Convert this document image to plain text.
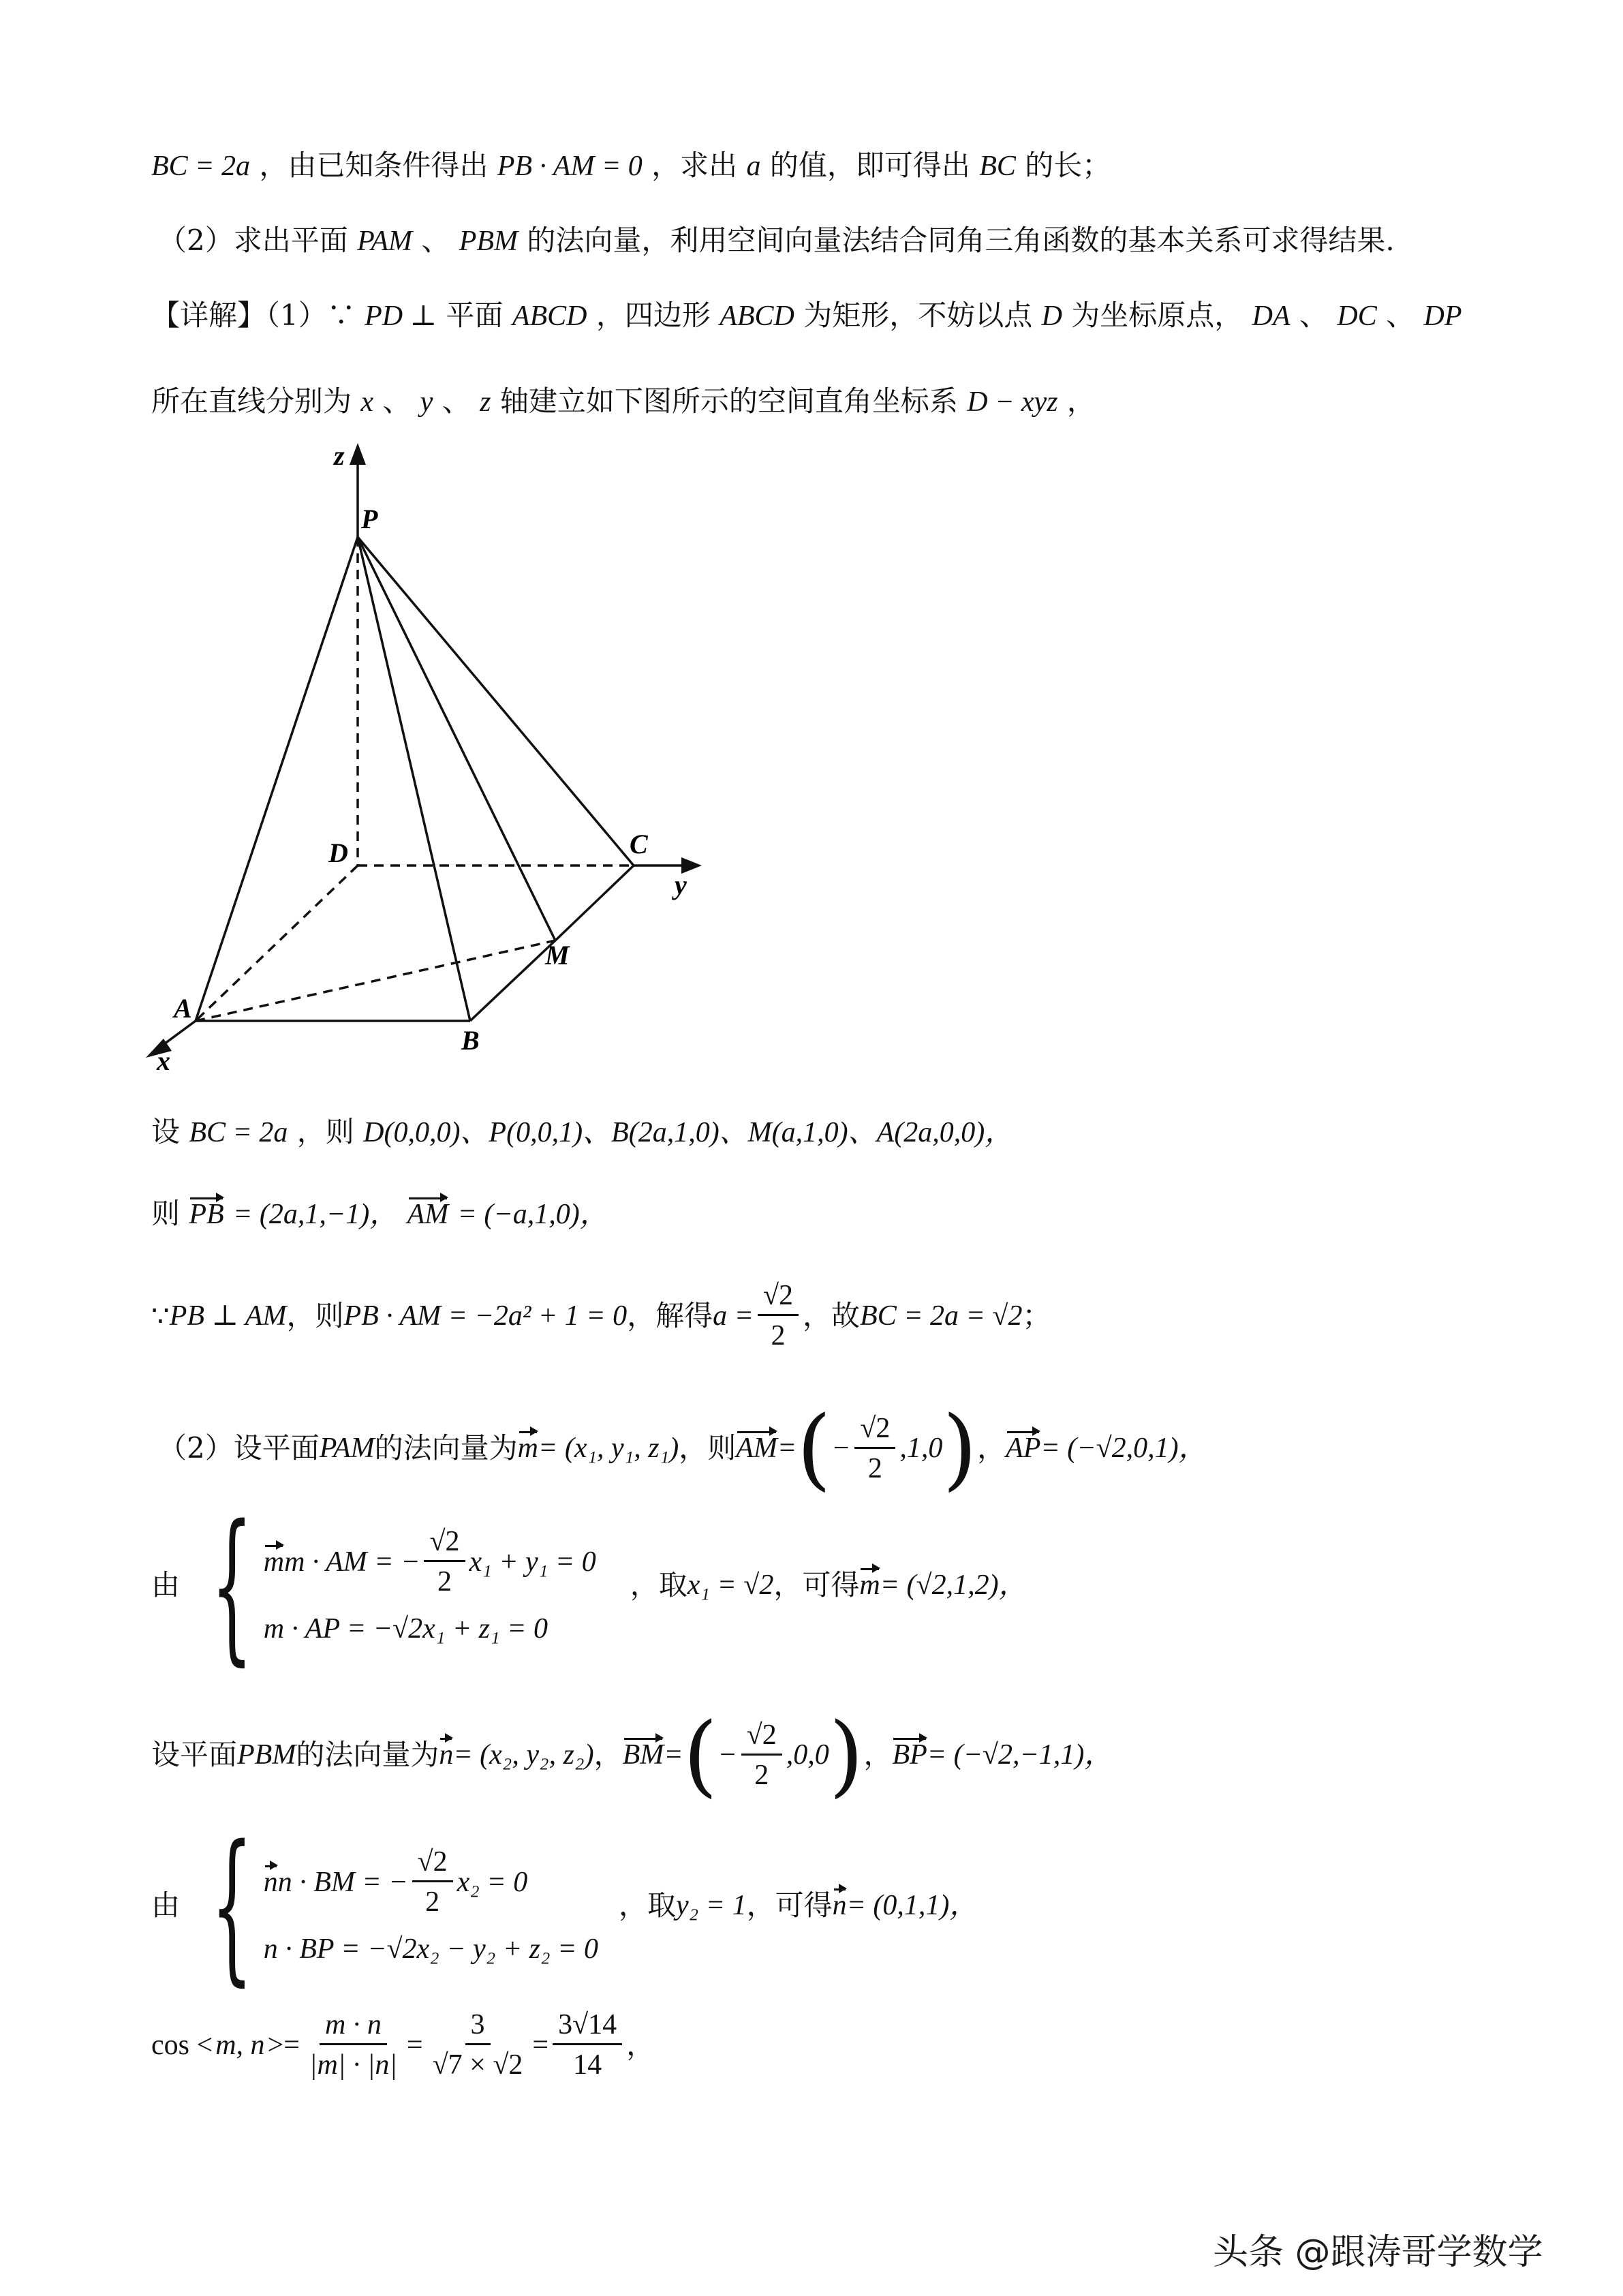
BC = 2a ，由已知条件得出 PB · AM = 0 ，求出 a 的值，即可得出 BC 的长；
（2）求出平面 PAM 、 PBM 的法向量，利用空间向量法结合同角三角函数的基本关系可求得结果.
【详解】（1）∵ PD ⊥ 平面 ABCD ，四边形 ABCD 为矩形，不妨以点 D 为坐标原点， DA 、 DC 、 DP
所在直线分别为 x 、 y 、 z 轴建立如下图所示的空间直角坐标系 D − xyz ，
z
P
D	C
y
M
A
B
x
设 BC = 2a ，则 D(0,0,0)、P(0,0,1)、B(2a,1,0)、M(a,1,0)、A(2a,0,0)，
则 PB = (2a,1,−1)， AM = (−a,1,0)，
∵ PB ⊥ AM ，则 PB · AM = −2a² + 1 = 0 ，解得 $a = \frac{√2}{2}$ ，故 BC = 2a = √2 ；
（2）设平面 PAM 的法向量为 m = (x₁, y₁, z₁) ，则 AM = ( − $\frac{√2}{2} ,1,0$ ) ， AP = (−√2,0,1)，
由 { m m · AM = − $\frac{√2}{2} x_1 + y_1 = 0$
m · AP = −√2x₁ + z₁ = 0
，取 x₁ = √2 ，可得 m = (√2,1,2)，
设平面 PBM 的法向量为 n = (x₂, y₂, z₂) ， BM = ( − $\frac{√2}{2} ,0,0$ ) ， BP = (−√2,−1,1)，
由 { n n · BM = − $\frac{√2}{2} x_2 = 0$
n · BP = −√2x₂ − y₂ + z₂ = 0
，取 y₂ = 1 ，可得 n = (0,1,1)，
cos < m, $n >= \frac{m \cdot n}{|m| \cdot |n|} = \frac{3}{√7 \times √2} = \frac{3√14}{14}$ ，
头条 @跟涛哥学数学
